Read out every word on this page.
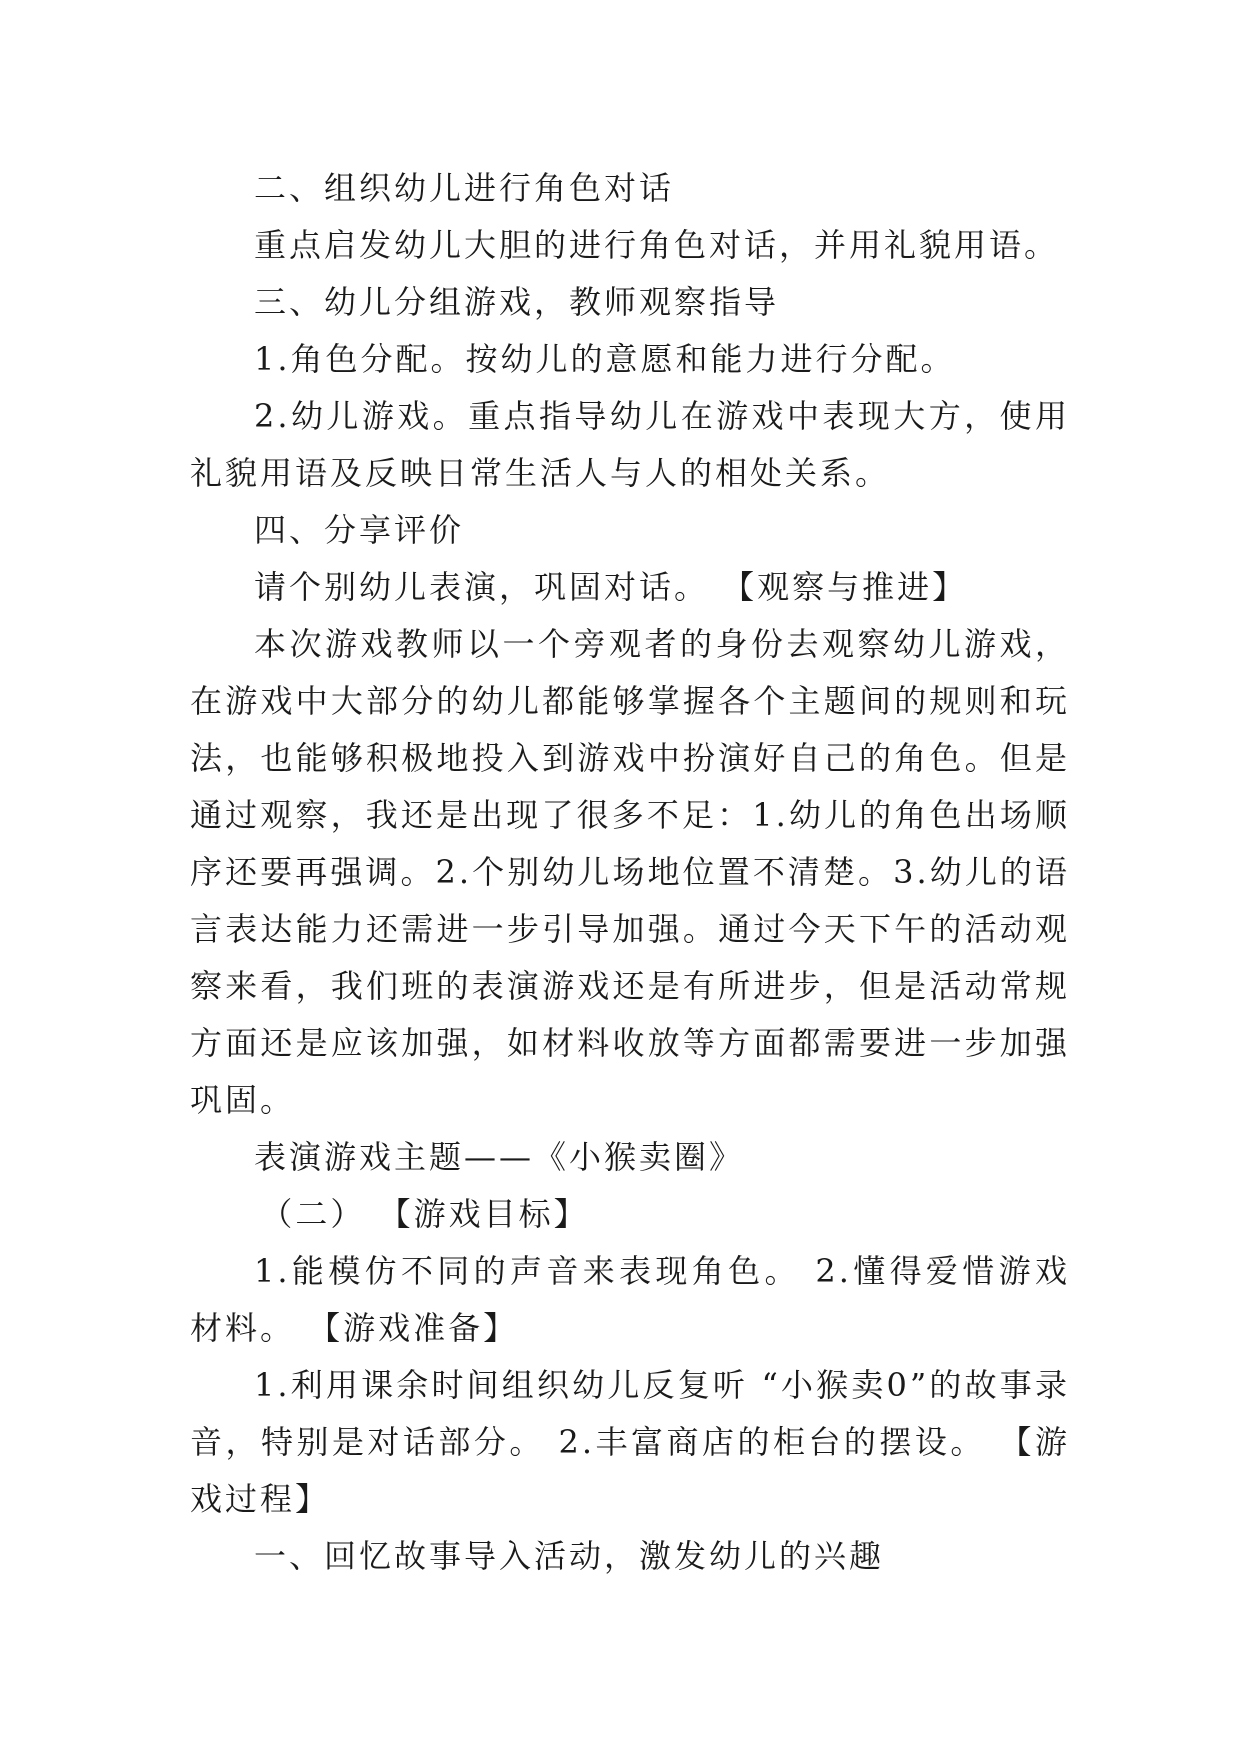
二、组织幼儿进行角色对话

重点启发幼儿大胆的进行角色对话，并用礼貌用语。

三、幼儿分组游戏，教师观察指导

1.角色分配。按幼儿的意愿和能力进行分配。

2.幼儿游戏。重点指导幼儿在游戏中表现大方，使用礼貌用语及反映日常生活人与人的相处关系。

四、分享评价

请个别幼儿表演，巩固对话。 【观察与推进】

本次游戏教师以一个旁观者的身份去观察幼儿游戏，在游戏中大部分的幼儿都能够掌握各个主题间的规则和玩法，也能够积极地投入到游戏中扮演好自己的角色。但是通过观察，我还是出现了很多不足：1.幼儿的角色出场顺序还要再强调。2.个别幼儿场地位置不清楚。3.幼儿的语言表达能力还需进一步引导加强。通过今天下午的活动观察来看，我们班的表演游戏还是有所进步，但是活动常规方面还是应该加强，如材料收放等方面都需要进一步加强巩固。

表演游戏主题——《小猴卖圈》

（二） 【游戏目标】

1.能模仿不同的声音来表现角色。 2.懂得爱惜游戏材料。 【游戏准备】

1.利用课余时间组织幼儿反复听 “小猴卖0”的故事录音，特别是对话部分。 2.丰富商店的柜台的摆设。 【游戏过程】

一、回忆故事导入活动，激发幼儿的兴趣
